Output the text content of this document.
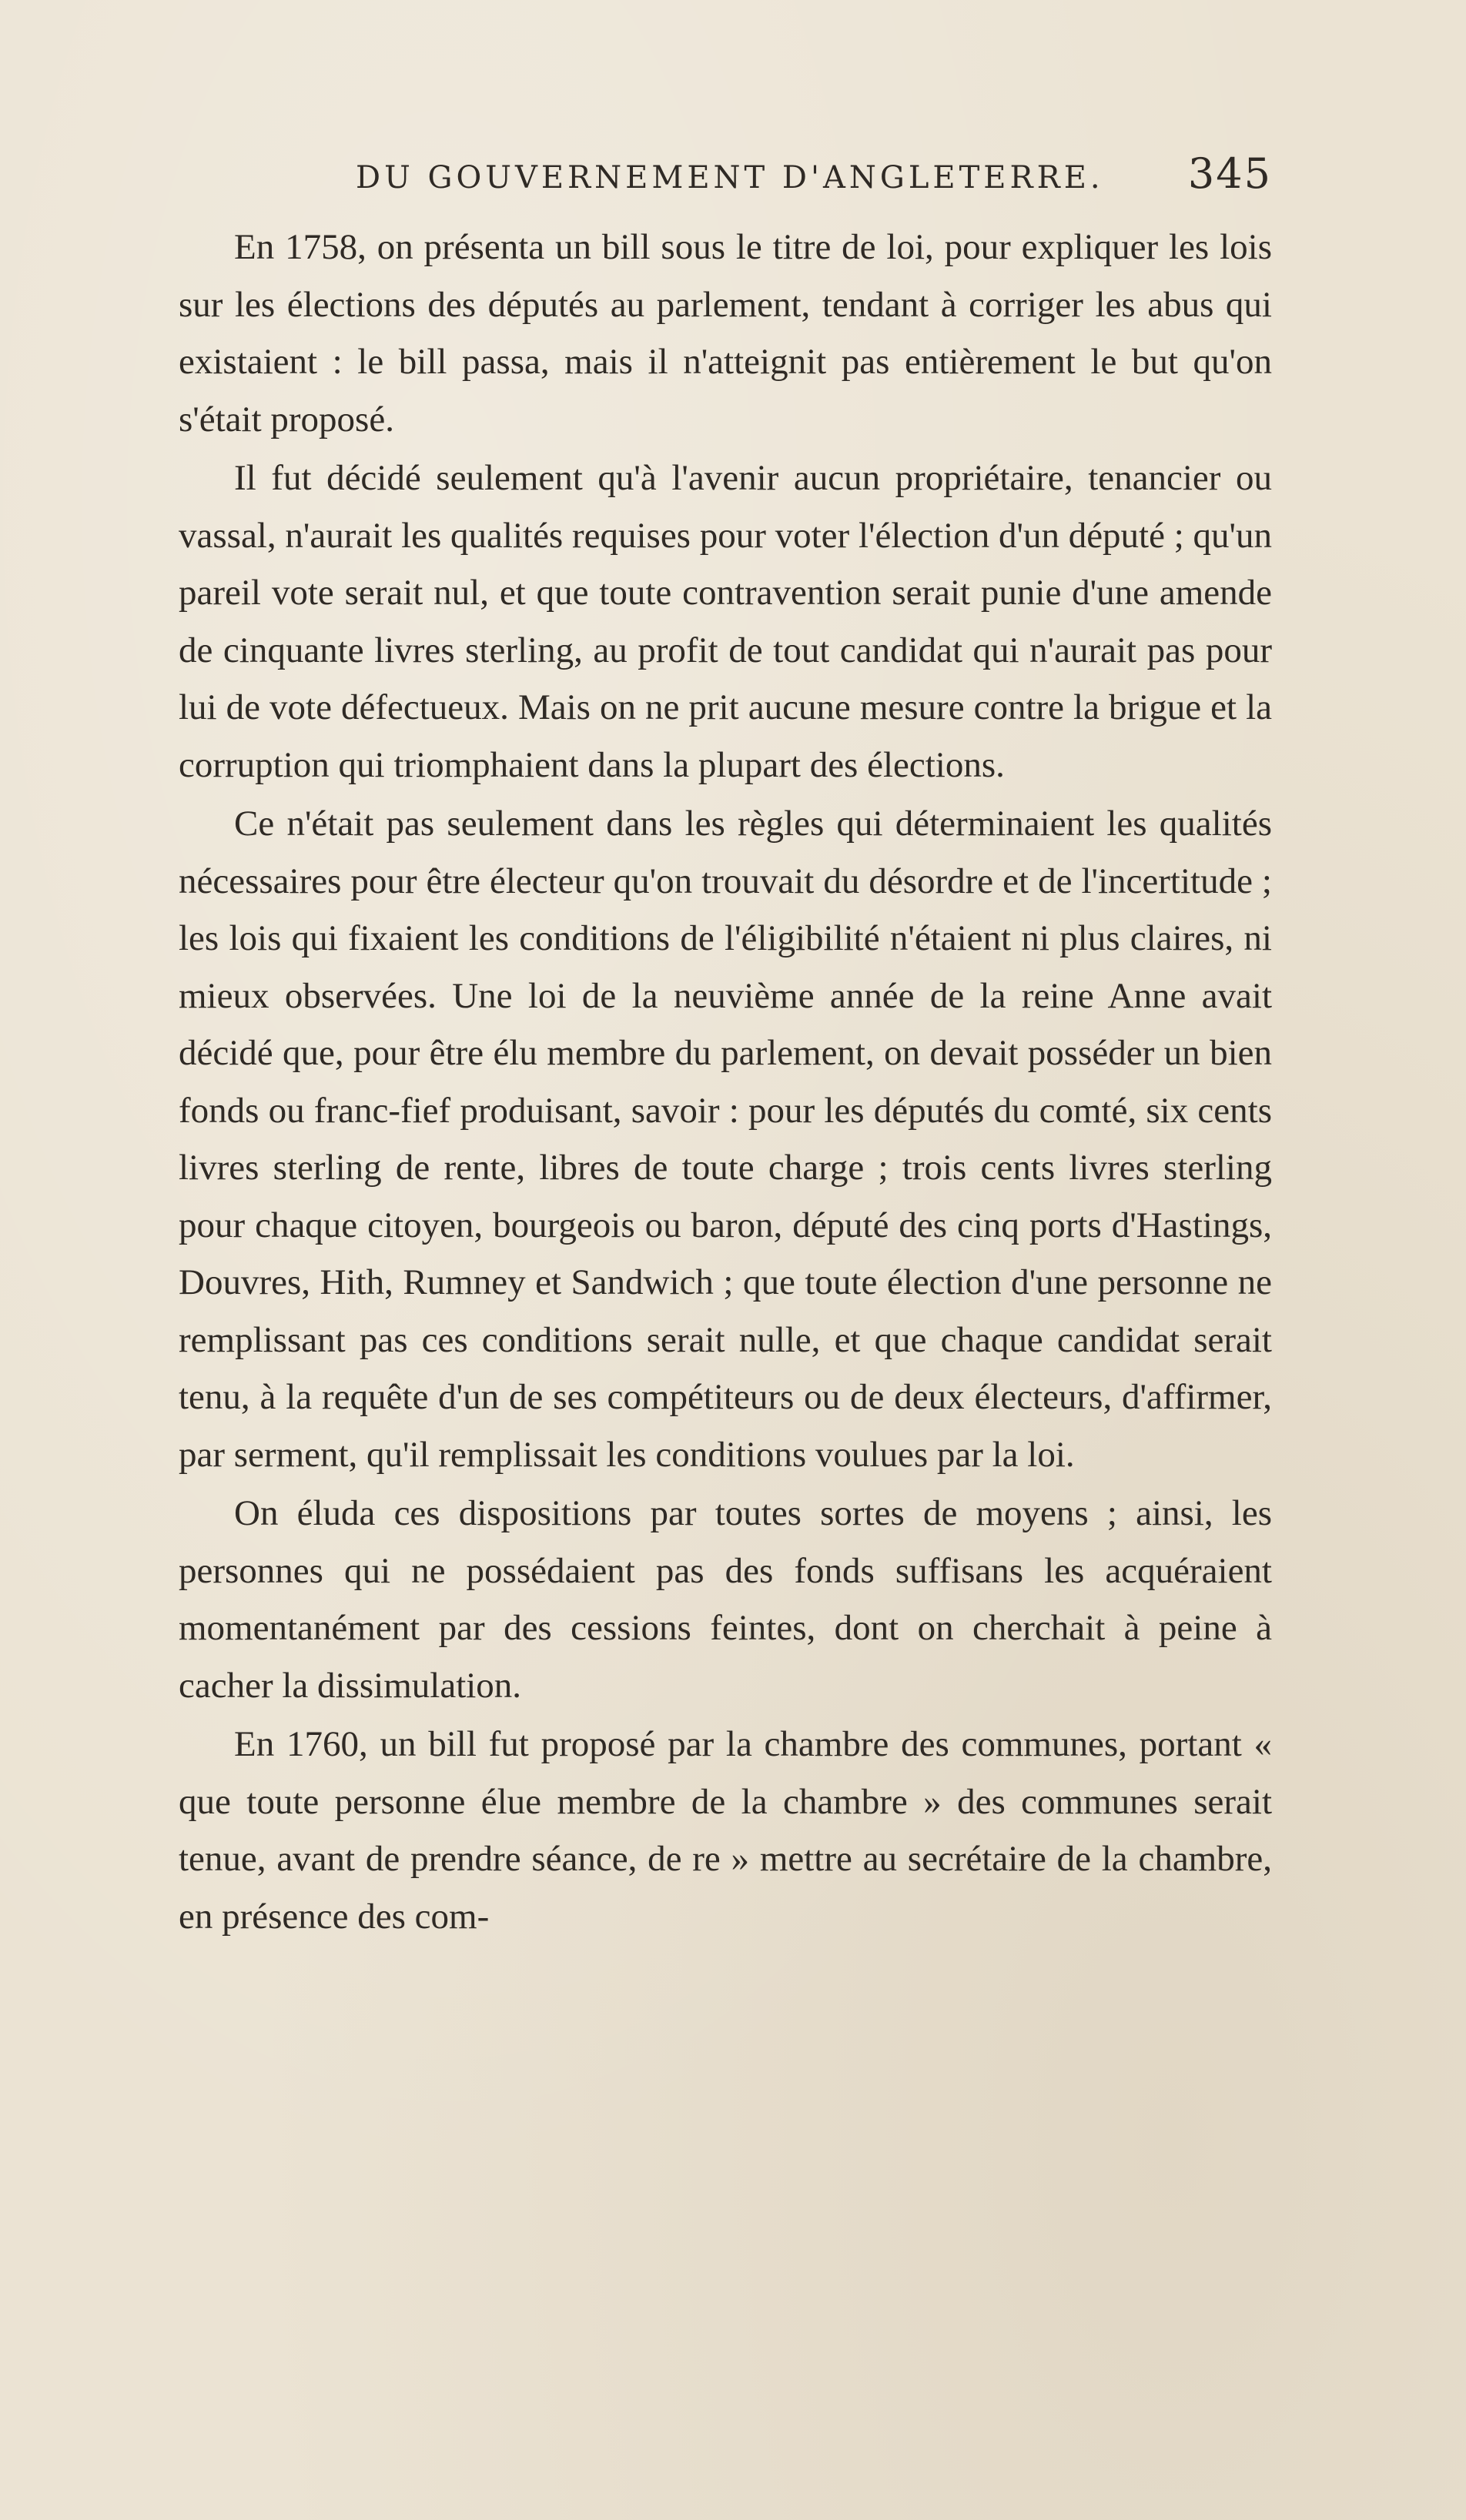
DU GOUVERNEMENT D'ANGLETERRE. 345

En 1758, on présenta un bill sous le titre de loi, pour expliquer les lois sur les élections des députés au parlement, tendant à corriger les abus qui existaient : le bill passa, mais il n'atteignit pas entièrement le but qu'on s'était proposé.

Il fut décidé seulement qu'à l'avenir aucun propriétaire, tenancier ou vassal, n'aurait les qualités requises pour voter l'élection d'un député ; qu'un pareil vote serait nul, et que toute contravention serait punie d'une amende de cinquante livres sterling, au profit de tout candidat qui n'aurait pas pour lui de vote défectueux. Mais on ne prit aucune mesure contre la brigue et la corruption qui triomphaient dans la plupart des élections.

Ce n'était pas seulement dans les règles qui déterminaient les qualités nécessaires pour être électeur qu'on trouvait du désordre et de l'incertitude ; les lois qui fixaient les conditions de l'éligibilité n'étaient ni plus claires, ni mieux observées. Une loi de la neuvième année de la reine Anne avait décidé que, pour être élu membre du parlement, on devait posséder un bien fonds ou franc-fief produisant, savoir : pour les députés du comté, six cents livres sterling de rente, libres de toute charge ; trois cents livres sterling pour chaque citoyen, bourgeois ou baron, député des cinq ports d'Hastings, Douvres, Hith, Rumney et Sandwich ; que toute élection d'une personne ne remplissant pas ces conditions serait nulle, et que chaque candidat serait tenu, à la requête d'un de ses compétiteurs ou de deux électeurs, d'affirmer, par serment, qu'il remplissait les conditions voulues par la loi.

On éluda ces dispositions par toutes sortes de moyens ; ainsi, les personnes qui ne possédaient pas des fonds suffisans les acquéraient momentanément par des cessions feintes, dont on cherchait à peine à cacher la dissimulation.

En 1760, un bill fut proposé par la chambre des communes, portant « que toute personne élue membre de la chambre » des communes serait tenue, avant de prendre séance, de re » mettre au secrétaire de la chambre, en présence des com-
